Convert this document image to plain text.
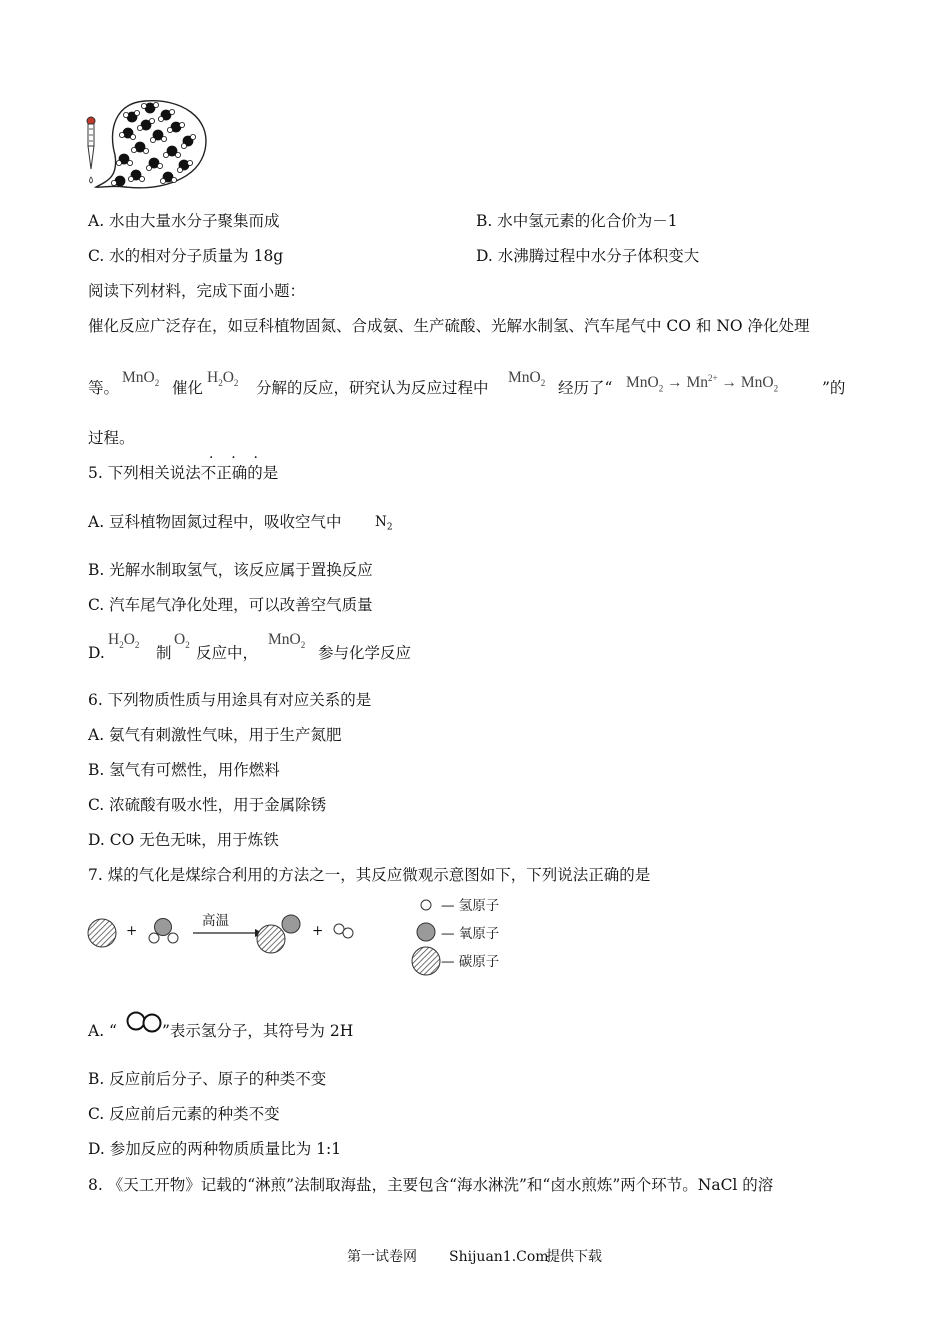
A. 水由大量水分子聚集而成	B. 水中氢元素的化合价为－1
C. 水的相对分子质量为 18g	D. 水沸腾过程中水分子体积变大
阅读下列材料，完成下面小题：
催化反应广泛存在，如豆科植物固氮、合成氨、生产硫酸、光解水制氢、汽车尾气中 CO 和 NO 净化处理
等。
MnO$_2$ 催化
$H_2O_2$ 分解的反应，研究认为反应过程中
MnO$_2$ 经历了“ $MnO_2 \to Mn^{2+} \to MnO_2$	”的
过程。
·    ·    ·
5. 下列相关说法不正确的是
A. 豆科植物固氮过程中，吸收空气中 $N_2$
B. 光解水制取氢气，该反应属于置换反应
C. 汽车尾气净化处理，可以改善空气质量
D.
$H_2O_2$ 制
$O_2$ 反应中，
MnO$_2$ 参与化学反应
6. 下列物质性质与用途具有对应关系的是
A. 氨气有刺激性气味，用于生产氮肥
B. 氢气有可燃性，用作燃料
C. 浓硫酸有吸水性，用于金属除锈
D. CO 无色无味，用于炼铁
7. 煤的气化是煤综合利用的方法之一，其反应微观示意图如下，下列说法正确的是
+
高温
+
— 氢原子
— 氧原子
— 碳原子
A. “	”表示氢分子，其符号为 2H
B. 反应前后分子、原子的种类不变
C. 反应前后元素的种类不变
D. 参加反应的两种物质质量比为 1:1
8. 《天工开物》记载的“淋煎”法制取海盐，主要包含“海水淋洗”和“卤水煎炼”两个环节。NaCl 的溶
第一试卷网 Shijuan1.Com
提供下载
